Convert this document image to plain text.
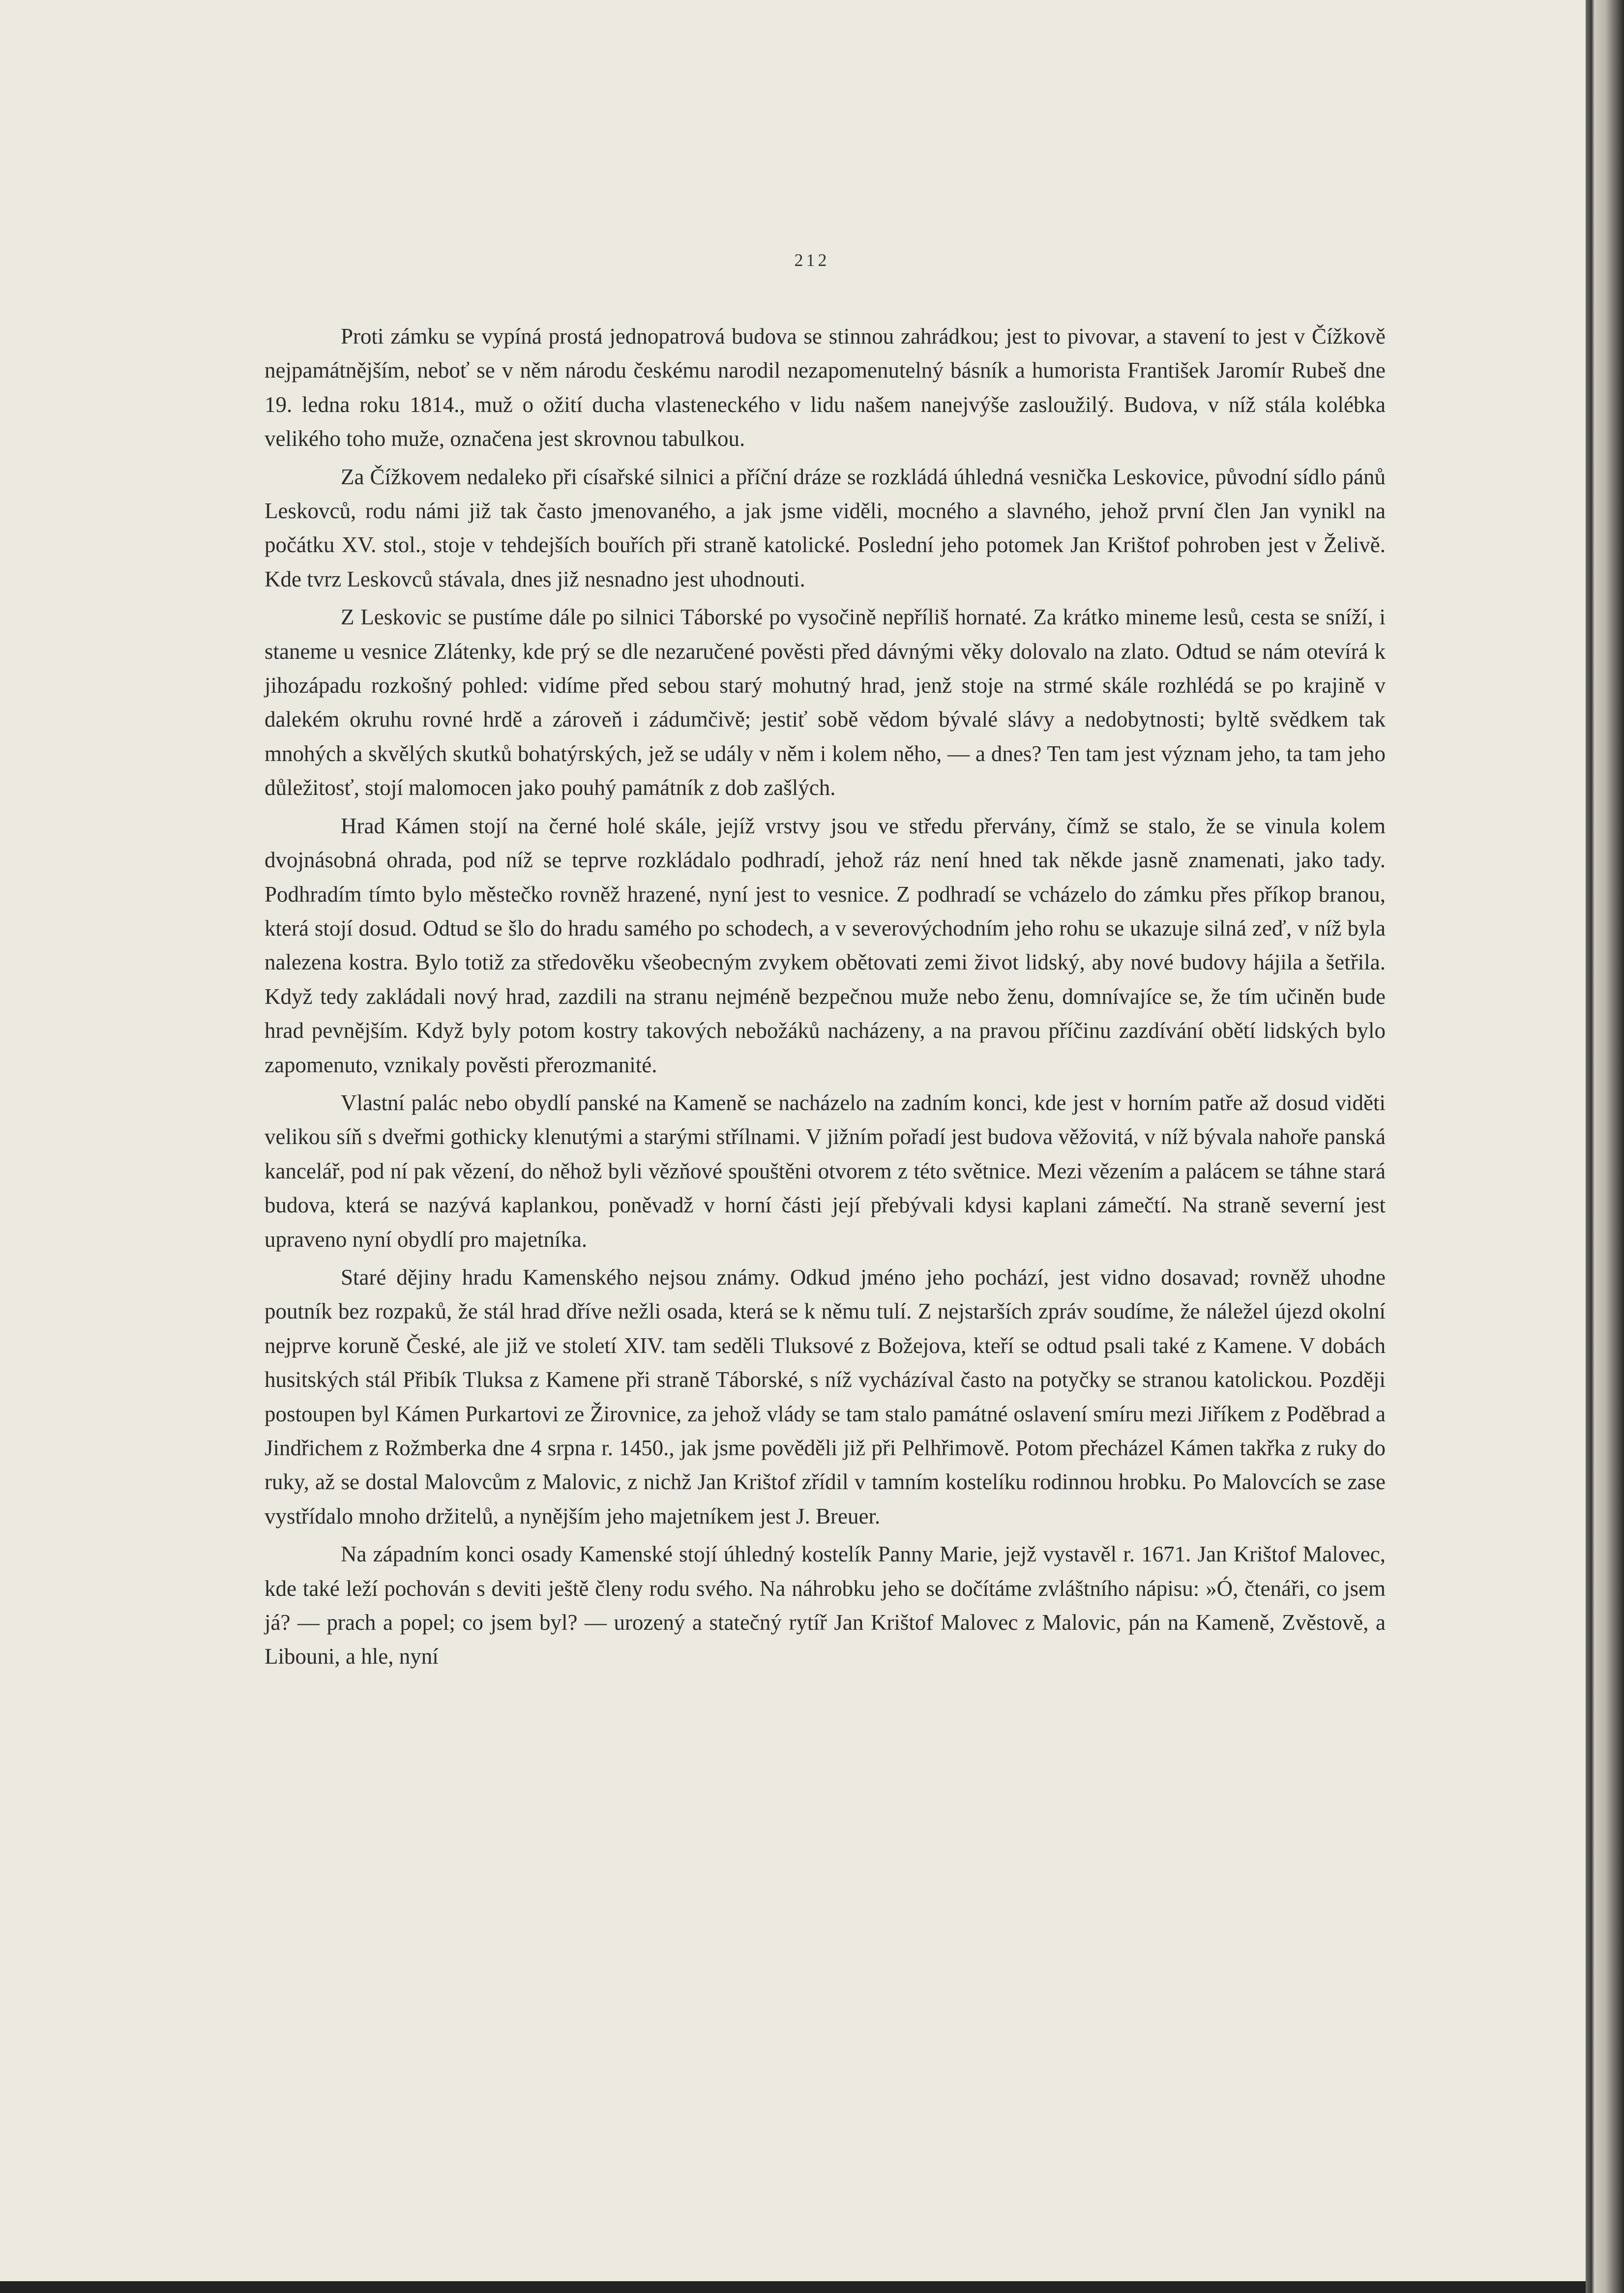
212

Proti zámku se vypíná prostá jednopatrová budova se stinnou zahrádkou; jest to pivovar, a stavení to jest v Čížkově nejpamátnějším, neboť se v něm národu českému narodil nezapomenutelný básník a humorista František Jaromír Rubeš dne 19. ledna roku 1814., muž o ožití ducha vlasteneckého v lidu našem nanejvýše zasloužilý. Budova, v níž stála kolébka velikého toho muže, označena jest skrovnou tabulkou.

Za Čížkovem nedaleko při císařské silnici a příční dráze se rozkládá úhledná vesnička Leskovice, původní sídlo pánů Leskovců, rodu námi již tak často jmenovaného, a jak jsme viděli, mocného a slavného, jehož první člen Jan vynikl na počátku XV. stol., stoje v tehdejších bouřích při straně katolické. Poslední jeho potomek Jan Krištof pohroben jest v Želivě. Kde tvrz Leskovců stávala, dnes již nesnadno jest uhodnouti.

Z Leskovic se pustíme dále po silnici Táborské po vysočině nepříliš hornaté. Za krátko mineme lesů, cesta se sníží, i staneme u vesnice Zlátenky, kde prý se dle nezaručené pověsti před dávnými věky dolovalo na zlato. Odtud se nám otevírá k jihozápadu rozkošný pohled: vidíme před sebou starý mohutný hrad, jenž stoje na strmé skále rozhlédá se po krajině v dalekém okruhu rovné hrdě a zároveň i zádumčivě; jestiť sobě vědom bývalé slávy a nedobytnosti; byltě svědkem tak mnohých a skvělých skutků bohatýrských, jež se udály v něm i kolem něho, — a dnes? Ten tam jest význam jeho, ta tam jeho důležitosť, stojí malomocen jako pouhý památník z dob zašlých.

Hrad Kámen stojí na černé holé skále, jejíž vrstvy jsou ve středu přervány, čímž se stalo, že se vinula kolem dvojnásobná ohrada, pod níž se teprve rozkládalo podhradí, jehož ráz není hned tak někde jasně znamenati, jako tady. Podhradím tímto bylo městečko rovněž hrazené, nyní jest to vesnice. Z podhradí se vcházelo do zámku přes příkop branou, která stojí dosud. Odtud se šlo do hradu samého po schodech, a v severovýchodním jeho rohu se ukazuje silná zeď, v níž byla nalezena kostra. Bylo totiž za středověku všeobecným zvykem obětovati zemi život lidský, aby nové budovy hájila a šetřila. Když tedy zakládali nový hrad, zazdili na stranu nejméně bezpečnou muže nebo ženu, domnívajíce se, že tím učiněn bude hrad pevnějším. Když byly potom kostry takových nebožáků nacházeny, a na pravou příčinu zazdívání obětí lidských bylo zapomenuto, vznikaly pověsti přerozmanité.

Vlastní palác nebo obydlí panské na Kameně se nacházelo na zadním konci, kde jest v horním patře až dosud viděti velikou síň s dveřmi gothicky klenutými a starými střílnami. V jižním pořadí jest budova věžovitá, v níž bývala nahoře panská kancelář, pod ní pak vězení, do něhož byli vězňové spouštěni otvorem z této světnice. Mezi vězením a palácem se táhne stará budova, která se nazývá kaplankou, poněvadž v horní části její přebývali kdysi kaplani zámečtí. Na straně severní jest upraveno nyní obydlí pro majetníka.

Staré dějiny hradu Kamenského nejsou známy. Odkud jméno jeho pochází, jest vidno dosavad; rovněž uhodne poutník bez rozpaků, že stál hrad dříve nežli osada, která se k němu tulí. Z nejstarších zpráv soudíme, že náležel újezd okolní nejprve koruně České, ale již ve století XIV. tam seděli Tluksové z Božejova, kteří se odtud psali také z Kamene. V dobách husitských stál Přibík Tluksa z Kamene při straně Táborské, s níž vycházíval často na potyčky se stranou katolickou. Později postoupen byl Kámen Purkartovi ze Žirovnice, za jehož vlády se tam stalo památné oslavení smíru mezi Jiříkem z Poděbrad a Jindřichem z Rožmberka dne 4 srpna r. 1450., jak jsme pověděli již při Pelhřimově. Potom přecházel Kámen takřka z ruky do ruky, až se dostal Malovcům z Malovic, z nichž Jan Krištof zřídil v tamním kostelíku rodinnou hrobku. Po Malovcích se zase vystřídalo mnoho držitelů, a nynějším jeho majetníkem jest J. Breuer.

Na západním konci osady Kamenské stojí úhledný kostelík Panny Marie, jejž vystavěl r. 1671. Jan Krištof Malovec, kde také leží pochován s deviti ještě členy rodu svého. Na náhrobku jeho se dočítáme zvláštního nápisu: »Ó, čtenáři, co jsem já? — prach a popel; co jsem byl? — urozený a statečný rytíř Jan Krištof Malovec z Malovic, pán na Kameně, Zvěstově, a Libouni, a hle, nyní
